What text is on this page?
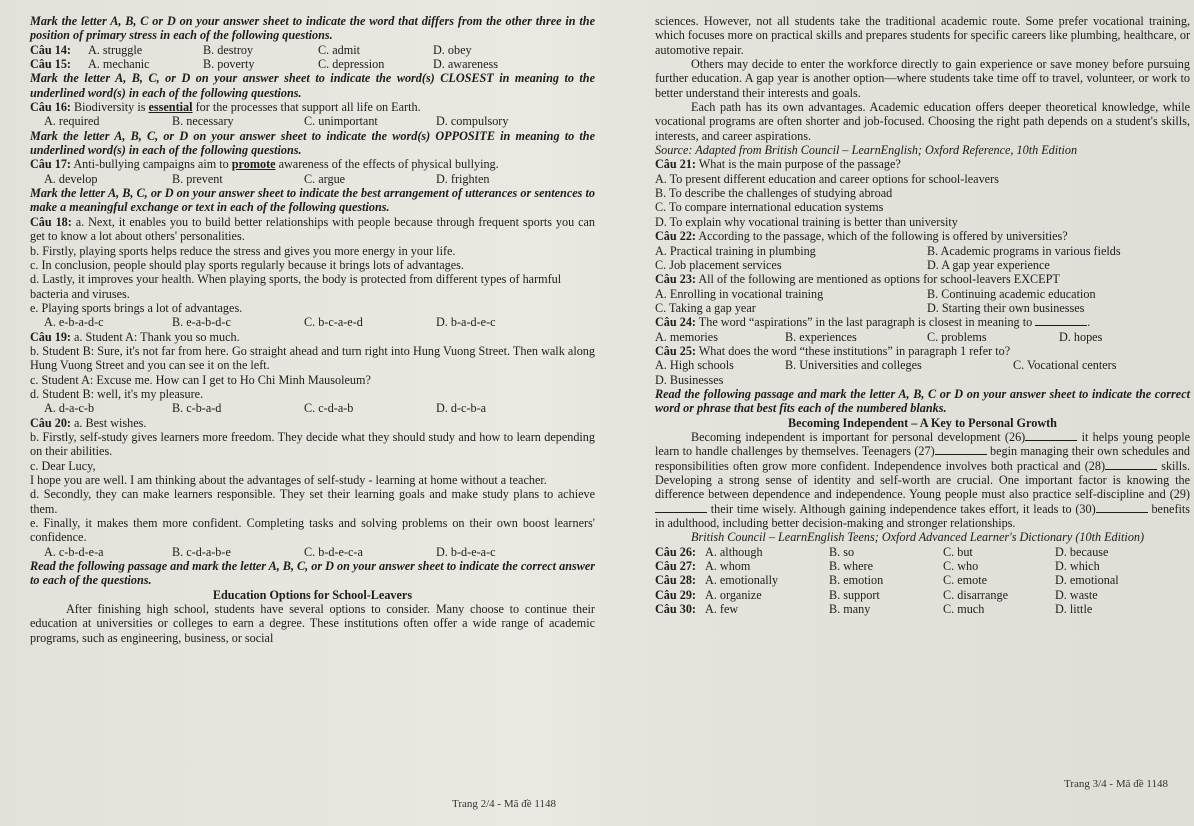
Mark the letter A, B, C or D on your answer sheet to indicate the word that differs from the other three in the position of primary stress in each of the following questions.

Câu 14:	A. struggle	B. destroy	C. admit	D. obey
Câu 15:	A. mechanic	B. poverty	C. depression	D. awareness

Mark the letter A, B, C, or D on your answer sheet to indicate the word(s) CLOSEST in meaning to the underlined word(s) in each of the following questions.

Câu 16: Biodiversity is essential for the processes that support all life on Earth.

A. required	B. necessary	C. unimportant	D. compulsory

Mark the letter A, B, C, or D on your answer sheet to indicate the word(s) OPPOSITE in meaning to the underlined word(s) in each of the following questions.

Câu 17: Anti-bullying campaigns aim to promote awareness of the effects of physical bullying.

A. develop	B. prevent	C. argue	D. frighten

Mark the letter A, B, C, or D on your answer sheet to indicate the best arrangement of utterances or sentences to make a meaningful exchange or text in each of the following questions.

Câu 18: a. Next, it enables you to build better relationships with people because through frequent sports you can get to know a lot about others' personalities.

b. Firstly, playing sports helps reduce the stress and gives you more energy in your life.

c. In conclusion, people should play sports regularly because it brings lots of advantages.

d. Lastly, it improves your health. When playing sports, the body is protected from different types of harmful bacteria and viruses.

e. Playing sports brings a lot of advantages.

A. e-b-a-d-c	B. e-a-b-d-c	C. b-c-a-e-d	D. b-a-d-e-c

Câu 19: a. Student A: Thank you so much.

b. Student B: Sure, it's not far from here. Go straight ahead and turn right into Hung Vuong Street. Then walk along Hung Vuong Street and you can see it on the left.

c. Student A: Excuse me. How can I get to Ho Chi Minh Mausoleum?

d. Student B: well, it's my pleasure.

A. d-a-c-b	B. c-b-a-d	C. c-d-a-b	D. d-c-b-a

Câu 20: a. Best wishes.

b. Firstly, self-study gives learners more freedom. They decide what they should study and how to learn depending on their abilities.

c. Dear Lucy,

I hope you are well. I am thinking about the advantages of self-study - learning at home without a teacher.

d. Secondly, they can make learners responsible. They set their learning goals and make study plans to achieve them.

e. Finally, it makes them more confident. Completing tasks and solving problems on their own boost learners' confidence.

A. c-b-d-e-a	B. c-d-a-b-e	C. b-d-e-c-a	D. b-d-e-a-c

Read the following passage and mark the letter A, B, C, or D on your answer sheet to indicate the correct answer to each of the questions.

Education Options for School-Leavers

After finishing high school, students have several options to consider. Many choose to continue their education at universities or colleges to earn a degree. These institutions often offer a wide range of academic programs, such as engineering, business, or social

Trang 2/4 - Mã đề 1148

sciences. However, not all students take the traditional academic route. Some prefer vocational training, which focuses more on practical skills and prepares students for specific careers like plumbing, healthcare, or automotive repair.

Others may decide to enter the workforce directly to gain experience or save money before pursuing further education. A gap year is another option—where students take time off to travel, volunteer, or work to better understand their interests and goals.

Each path has its own advantages. Academic education offers deeper theoretical knowledge, while vocational programs are often shorter and job-focused. Choosing the right path depends on a student's skills, interests, and career aspirations.

Source: Adapted from British Council – LearnEnglish; Oxford Reference, 10th Edition

Câu 21: What is the main purpose of the passage?

A. To present different education and career options for school-leavers

B. To describe the challenges of studying abroad

C. To compare international education systems

D. To explain why vocational training is better than university

Câu 22: According to the passage, which of the following is offered by universities?

A. Practical training in plumbing	B. Academic programs in various fields
C. Job placement services	D. A gap year experience

Câu 23: All of the following are mentioned as options for school-leavers EXCEPT

A. Enrolling in vocational training	B. Continuing academic education
C. Taking a gap year	D. Starting their own businesses

Câu 24: The word “aspirations” in the last paragraph is closest in meaning to	.

A. memories	B. experiences	C. problems	D. hopes

Câu 25: What does the word “these institutions” in paragraph 1 refer to?

A. High schools	B. Universities and colleges	C. Vocational centers

D. Businesses

Read the following passage and mark the letter A, B, C or D on your answer sheet to indicate the correct word or phrase that best fits each of the numbered blanks.

Becoming Independent – A Key to Personal Growth

Becoming independent is important for personal development (26)	it helps young people learn to handle challenges by themselves. Teenagers (27)	begin managing their own schedules and responsibilities often grow more confident. Independence involves both practical and (28)	skills. Developing a strong sense of identity and self-worth are crucial. One important factor is knowing the difference between dependence and independence. Young people must also practice self-discipline and (29) their time wisely. Although gaining independence takes effort, it leads to (30)	benefits in adulthood, including better decision-making and stronger relationships.

British Council – LearnEnglish Teens; Oxford Advanced Learner's Dictionary (10th Edition)

Câu 26: A. although	B. so	C. but	D. because
Câu 27: A. whom	B. where	C. who	D. which
Câu 28: A. emotionally	B. emotion	C. emote	D. emotional
Câu 29: A. organize	B. support	C. disarrange	D. waste
Câu 30: A. few	B. many	C. much	D. little
Trang 3/4 - Mã đề 1148
